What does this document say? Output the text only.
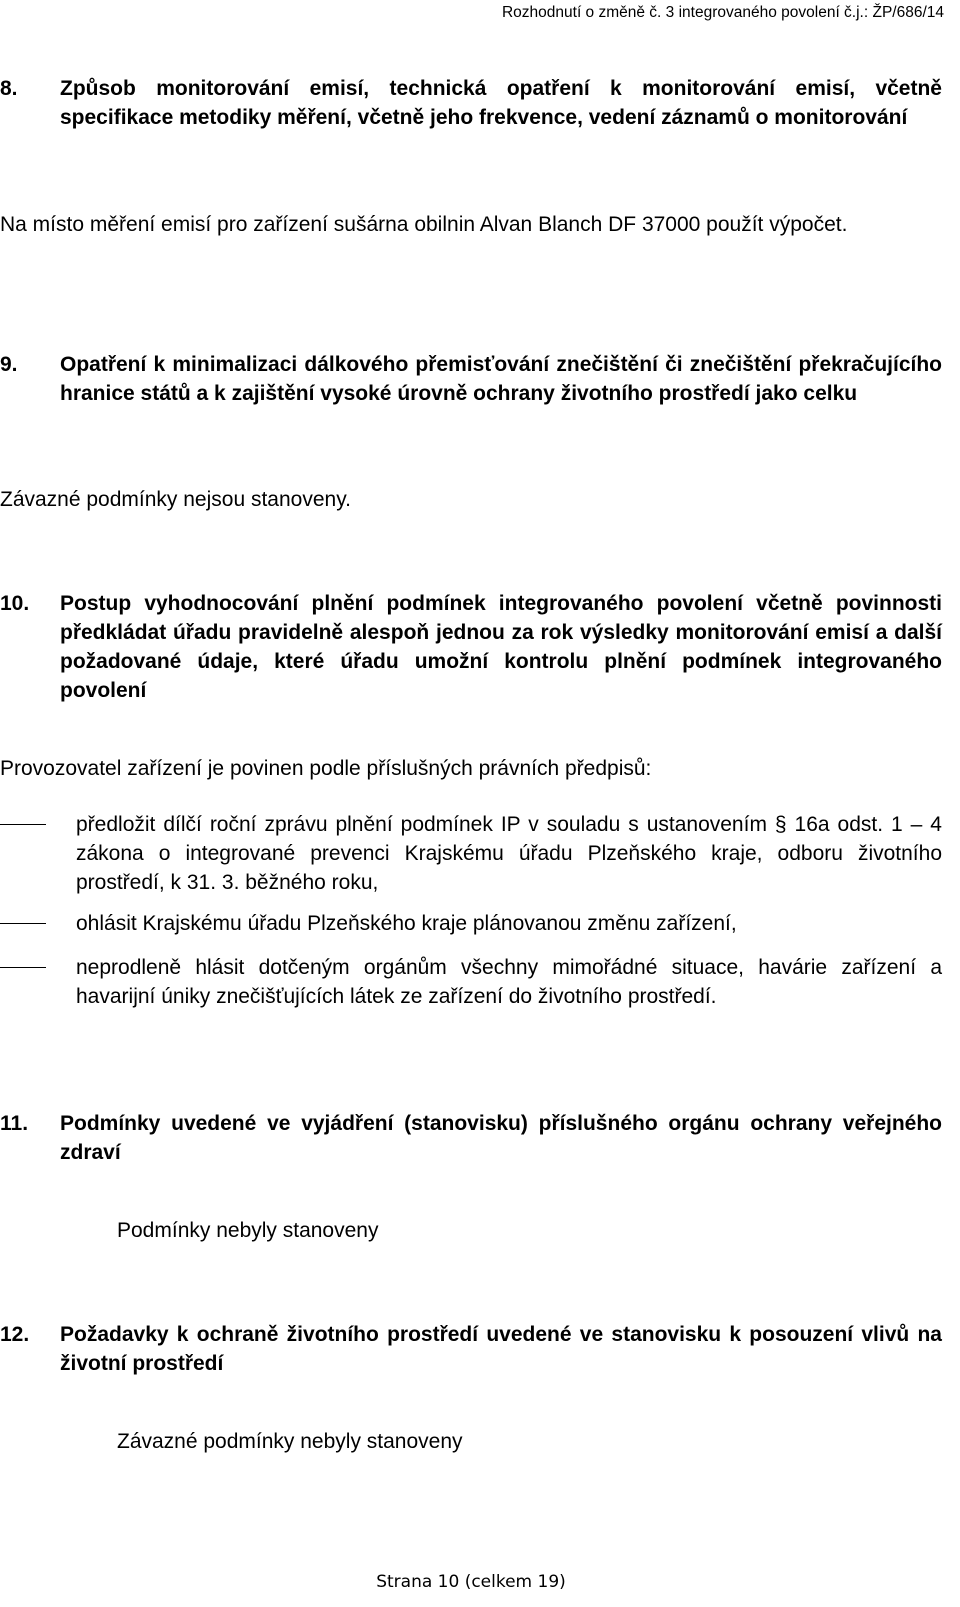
Rozhodnutí o změně č. 3 integrovaného povolení č.j.: ŽP/686/14
8. Způsob monitorování emisí, technická opatření k monitorování emisí, včetně specifikace metodiky měření, včetně jeho frekvence, vedení záznamů o monitorování

Na místo měření emisí pro zařízení sušárna obilnin Alvan Blanch DF 37000 použít výpočet.

9. Opatření k minimalizaci dálkového přemisťování znečištění či znečištění překračujícího hranice států a k zajištění vysoké úrovně ochrany životního prostředí jako celku

Závazné podmínky nejsou stanoveny.

10. Postup vyhodnocování plnění podmínek integrovaného povolení včetně povinnosti předkládat úřadu pravidelně alespoň jednou za rok výsledky monitorování emisí a další požadované údaje, které úřadu umožní kontrolu plnění podmínek integrovaného povolení

Provozovatel zařízení je povinen podle příslušných právních předpisů:

předložit dílčí roční zprávu plnění podmínek IP v souladu s ustanovením § 16a odst. 1 – 4 zákona o integrované prevenci Krajskému úřadu Plzeňského kraje, odboru životního prostředí, k 31. 3. běžného roku,
ohlásit Krajskému úřadu Plzeňského kraje plánovanou změnu zařízení,
neprodleně hlásit dotčeným orgánům všechny mimořádné situace, havárie zařízení a havarijní úniky znečišťujících látek ze zařízení do životního prostředí.
11. Podmínky uvedené ve vyjádření (stanovisku) příslušného orgánu ochrany veřejného zdraví

Podmínky nebyly stanoveny

12. Požadavky k ochraně životního prostředí uvedené ve stanovisku k posouzení vlivů na životní prostředí

Závazné podmínky nebyly stanoveny

Strana 10 (celkem 19)
